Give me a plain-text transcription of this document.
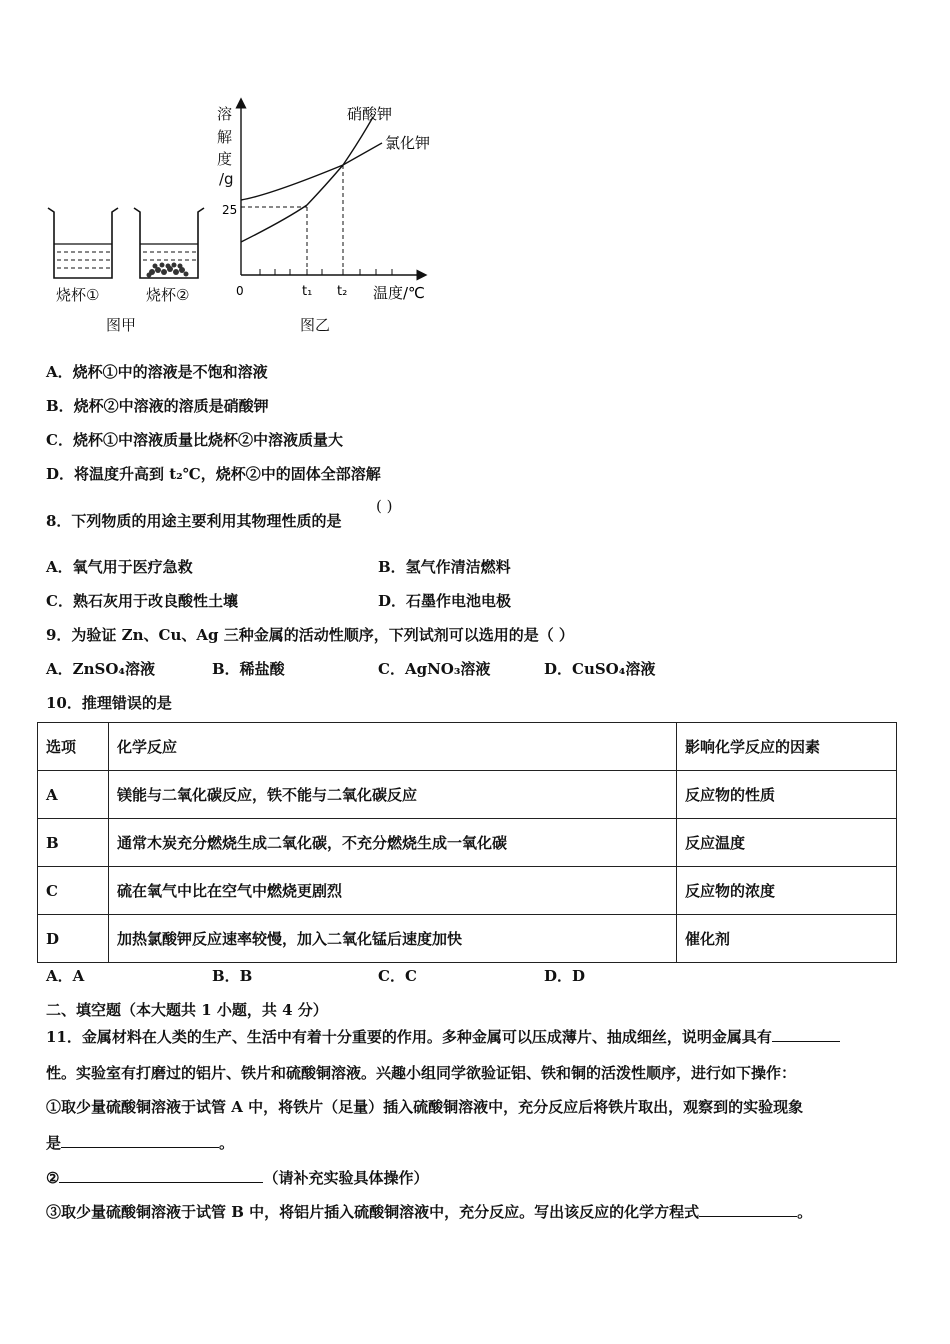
烧杯①	烧杯②
图甲
25
0	t₁ t₂ 温度/℃
硝酸钾
氯化钾
溶
解
度
/g
图乙
A．烧杯①中的溶液是不饱和溶液
B．烧杯②中溶液的溶质是硝酸钾
C．烧杯①中溶液质量比烧杯②中溶液质量大
D．将温度升高到 t₂℃，烧杯②中的固体全部溶解
8．下列物质的用途主要利用其物理性质的是
( )
A．氧气用于医疗急救	B．氢气作清洁燃料
C．熟石灰用于改良酸性土壤	D．石墨作电池电极
9．为验证 Zn、Cu、Ag 三种金属的活动性顺序，下列试剂可以选用的是（ ）
A．ZnSO₄溶液	B．稀盐酸	C．AgNO₃溶液	D．CuSO₄溶液
10．推理错误的是
选项	化学反应	影响化学反应的因素
A	镁能与二氧化碳反应，铁不能与二氧化碳反应	反应物的性质
B	通常木炭充分燃烧生成二氧化碳，不充分燃烧生成一氧化碳	反应温度
C	硫在氧气中比在空气中燃烧更剧烈	反应物的浓度
D	加热氯酸钾反应速率较慢，加入二氧化锰后速度加快	催化剂
A．A	B．B	C．C	D．D
二、填空题（本大题共 1 小题，共 4 分）
11．金属材料在人类的生产、生活中有着十分重要的作用。多种金属可以压成薄片、抽成细丝，说明金属具有
性。实验室有打磨过的铝片、铁片和硫酸铜溶液。兴趣小组同学欲验证铝、铁和铜的活泼性顺序，进行如下操作：
①取少量硫酸铜溶液于试管 A 中，将铁片（足量）插入硫酸铜溶液中，充分反应后将铁片取出，观察到的实验现象
是	。
②	（请补充实验具体操作）
③取少量硫酸铜溶液于试管 B 中，将铝片插入硫酸铜溶液中，充分反应。写出该反应的化学方程式	。
